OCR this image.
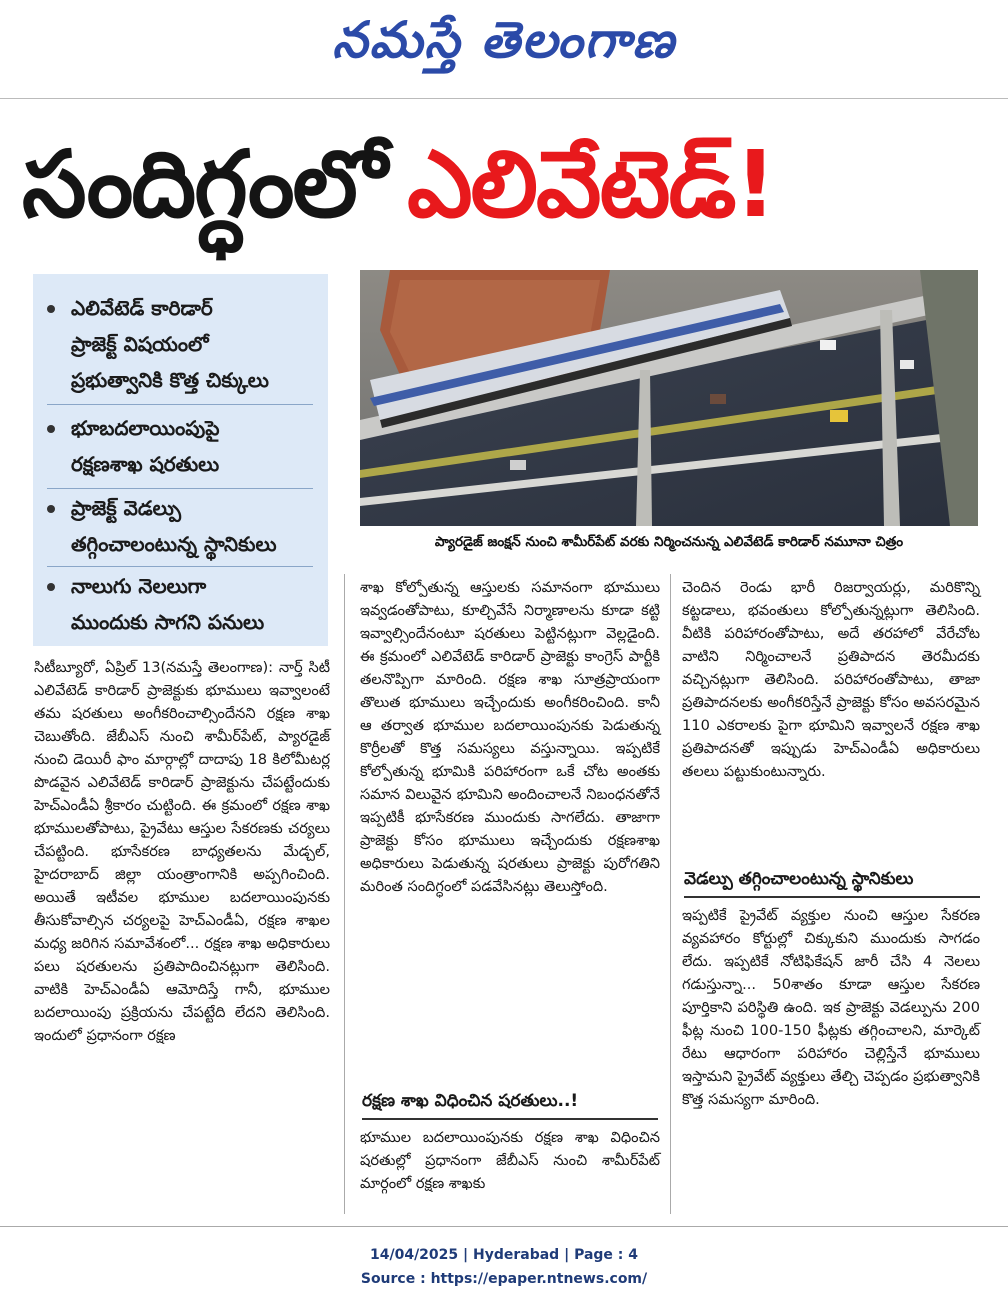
నమస్తే తెలంగాణ
సందిగ్ధంలో ఎలివేటెడ్!
ఎలివేటెడ్ కారిడార్
ప్రాజెక్ట్ విషయంలో
ప్రభుత్వానికి కొత్త చిక్కులు
భూబదలాయింపుపై
రక్షణశాఖ షరతులు
ప్రాజెక్ట్ వెడల్పు
తగ్గించాలంటున్న స్థానికులు
నాలుగు నెలలుగా
ముందుకు సాగని పనులు
ప్యారడైజ్ జంక్షన్ నుంచి శామీర్‌పేట్ వరకు నిర్మించనున్న ఎలివేటెడ్ కారిడార్ నమూనా చిత్రం

సిటీబ్యూరో, ఏప్రిల్ 13(నమస్తే తెలంగాణ): నార్త్ సిటీ ఎలివేటెడ్ కారిడార్ ప్రాజెక్టుకు భూములు ఇవ్వాలంటే తమ షరతులు అంగీకరించాల్సిందేనని రక్షణ శాఖ చెబుతోంది. జేబీఎస్ నుంచి శామీర్‌పేట్, ప్యారడైజ్ నుంచి డెయిరీ ఫాం మార్గాల్లో దాదాపు 18 కిలోమీటర్ల పొడవైన ఎలివేటెడ్ కారిడార్ ప్రాజెక్టును చేపట్టేందుకు హెచ్ఎండీఏ శ్రీకారం చుట్టింది. ఈ క్రమంలో రక్షణ శాఖ భూములతోపాటు, ప్రైవేటు ఆస్తుల సేకరణకు చర్యలు చేపట్టింది. భూసేకరణ బాధ్యతలను మేడ్చల్, హైదరాబాద్ జిల్లా యంత్రాంగానికి అప్పగించింది. అయితే ఇటీవల భూముల బదలాయింపునకు తీసుకోవాల్సిన చర్యలపై హెచ్ఎండీఏ, రక్షణ శాఖల మధ్య జరిగిన సమావేశంలో... రక్షణ శాఖ అధికారులు పలు షరతులను ప్రతిపాదించినట్లుగా తెలిసింది. వాటికి హెచ్ఎండీఏ ఆమోదిస్తే గానీ, భూముల బదలాయింపు ప్రక్రియను చేపట్టేది లేదని తెలిసింది. ఇందులో ప్రధానంగా రక్షణ

శాఖ కోల్పోతున్న ఆస్తులకు సమానంగా భూములు ఇవ్వడంతోపాటు, కూల్చివేసే నిర్మాణాలను కూడా కట్టి ఇవ్వాల్సిందేనంటూ షరతులు పెట్టినట్లుగా వెల్లడైంది. ఈ క్రమంలో ఎలివేటెడ్ కారిడార్ ప్రాజెక్టు కాంగ్రెస్ పార్టీకి తలనొప్పిగా మారింది. రక్షణ శాఖ సూత్రప్రాయంగా తొలుత భూములు ఇచ్చేందుకు అంగీకరించింది. కానీ ఆ తర్వాత భూముల బదలాయింపునకు పెడుతున్న కొర్రీలతో కొత్త సమస్యలు వస్తున్నాయి. ఇప్పటికే కోల్పోతున్న భూమికి పరిహారంగా ఒకే చోట అంతకు సమాన విలువైన భూమిని అందించాలనే నిబంధనతోనే ఇప్పటికీ భూసేకరణ ముందుకు సాగలేదు. తాజాగా ప్రాజెక్టు కోసం భూములు ఇచ్చేందుకు రక్షణశాఖ అధికారులు పెడుతున్న షరతులు ప్రాజెక్టు పురోగతిని మరింత సందిగ్ధంలో పడవేసినట్లు తెలుస్తోంది.

రక్షణ శాఖ విధించిన షరతులు..!

భూముల బదలాయింపునకు రక్షణ శాఖ విధించిన షరతుల్లో ప్రధానంగా జేబీఎస్ నుంచి శామీర్‌పేట్ మార్గంలో రక్షణ శాఖకు

చెందిన రెండు భారీ రిజర్వాయర్లు, మరికొన్ని కట్టడాలు, భవంతులు కోల్పోతున్నట్లుగా తెలిసింది. వీటికి పరిహారంతోపాటు, అదే తరహాలో వేరేచోట వాటిని నిర్మించాలనే ప్రతిపాదన తెరమీదకు వచ్చినట్లుగా తెలిసింది. పరిహారంతోపాటు, తాజా ప్రతిపాదనలకు అంగీకరిస్తేనే ప్రాజెక్టు కోసం అవసరమైన 110 ఎకరాలకు పైగా భూమిని ఇవ్వాలనే రక్షణ శాఖ ప్రతిపాదనతో ఇప్పుడు హెచ్ఎండీఏ అధికారులు తలలు పట్టుకుంటున్నారు.

వెడల్పు తగ్గించాలంటున్న స్థానికులు

ఇప్పటికే ప్రైవేట్ వ్యక్తుల నుంచి ఆస్తుల సేకరణ వ్యవహారం కోర్టుల్లో చిక్కుకుని ముందుకు సాగడం లేదు. ఇప్పటికే నోటిఫికేషన్ జారీ చేసి 4 నెలలు గడుస్తున్నా... 50శాతం కూడా ఆస్తుల సేకరణ పూర్తికాని పరిస్థితి ఉంది. ఇక ప్రాజెక్టు వెడల్పును 200 ఫీట్ల నుంచి 100-150 ఫీట్లకు తగ్గించాలని, మార్కెట్ రేటు ఆధారంగా పరిహారం చెల్లిస్తేనే భూములు ఇస్తామని ప్రైవేట్ వ్యక్తులు తేల్చి చెప్పడం ప్రభుత్వానికి కొత్త సమస్యగా మారింది.

14/04/2025 | Hyderabad | Page : 4
Source : https://epaper.ntnews.com/
